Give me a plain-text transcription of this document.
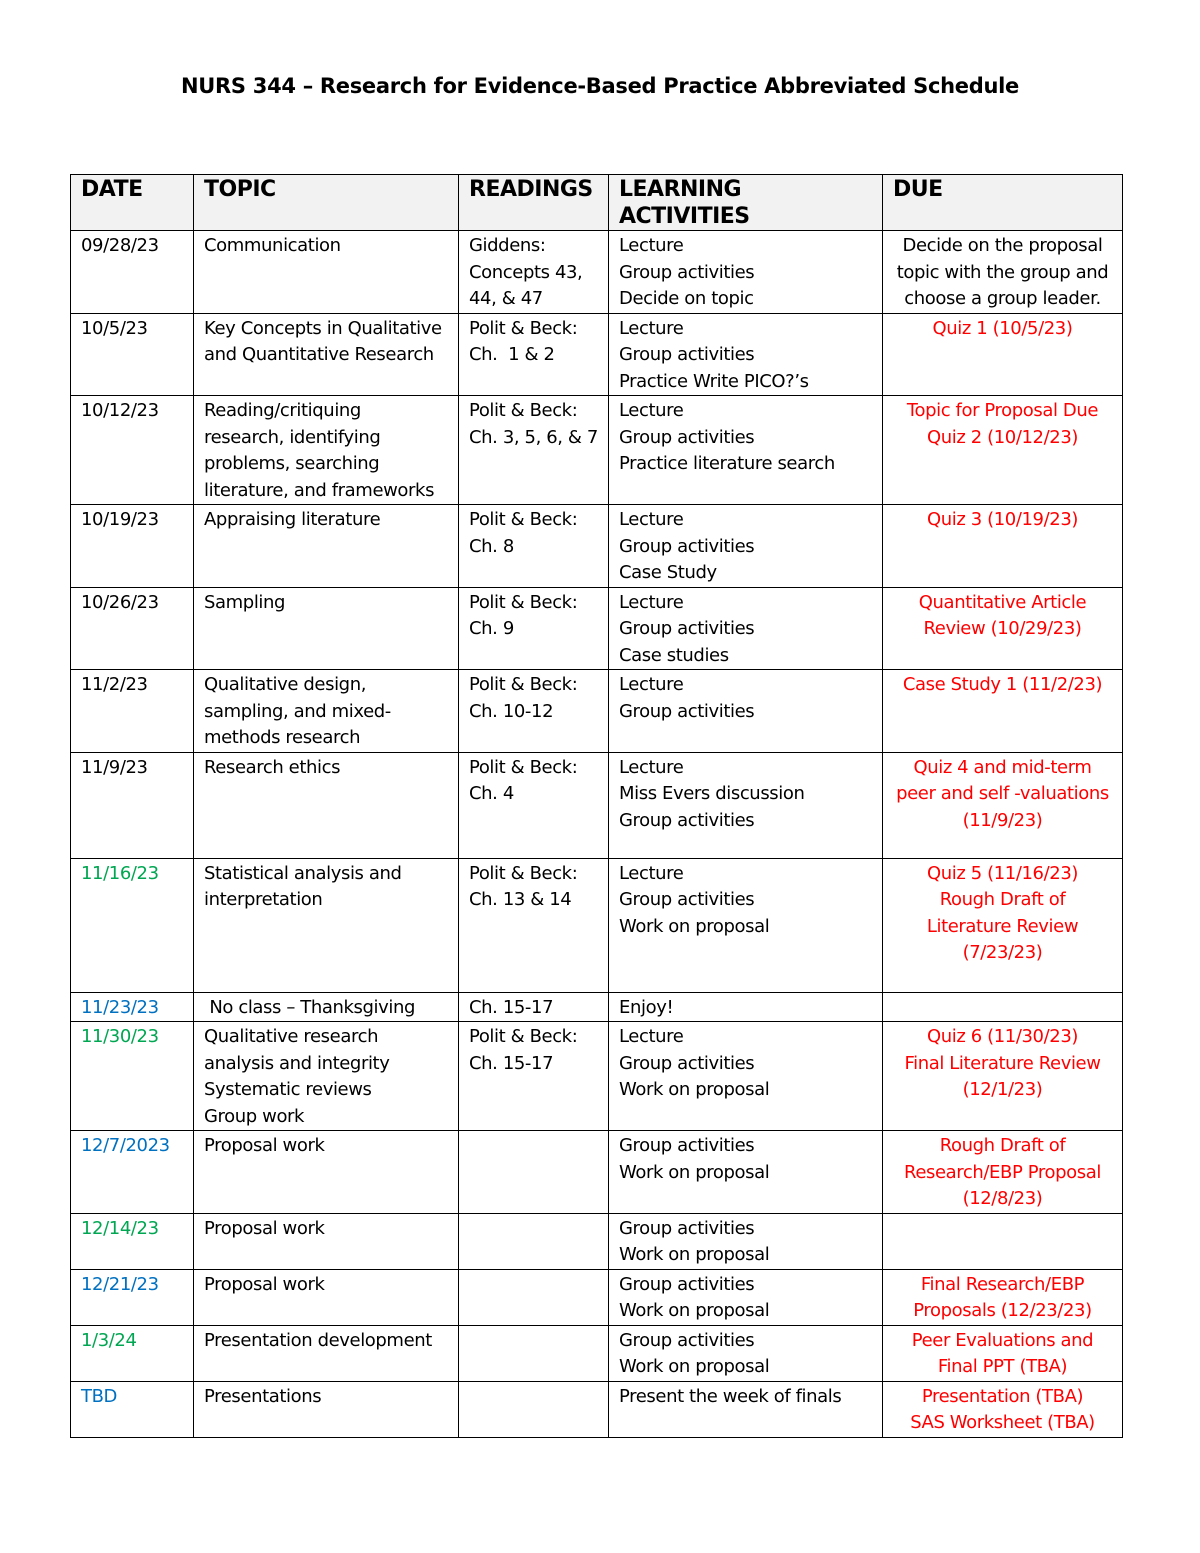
NURS 344 – Research for Evidence-Based Practice Abbreviated Schedule
DATE	TOPIC	READINGS	LEARNING ACTIVITIES	DUE
09/28/23	Communication	Giddens:
Concepts 43,
44, & 47	Lecture
Group activities
Decide on topic	Decide on the proposal
topic with the group and
choose a group leader.

10/5/23	Key Concepts in Qualitative
and Quantitative Research	Polit & Beck:
Ch.  1 & 2	Lecture
Group activities
Practice Write PICO?’s	Quiz 1 (10/5/23)

10/12/23	Reading/critiquing
research, identifying
problems, searching
literature, and frameworks	Polit & Beck:
Ch. 3, 5, 6, & 7	Lecture
Group activities
Practice literature search	Topic for Proposal Due
Quiz 2 (10/12/23)

10/19/23	Appraising literature	Polit & Beck:
Ch. 8	Lecture
Group activities
Case Study	Quiz 3 (10/19/23)

10/26/23	Sampling	Polit & Beck:
Ch. 9	Lecture
Group activities
Case studies	Quantitative Article
Review (10/29/23)

11/2/23	Qualitative design,
sampling, and mixed-
methods research	Polit & Beck:
Ch. 10-12	Lecture
Group activities	Case Study 1 (11/2/23)

11/9/23	Research ethics	Polit & Beck:
Ch. 4	Lecture
Miss Evers discussion
Group activities	Quiz 4 and mid-term
peer and self -valuations
(11/9/23)

11/16/23	Statistical analysis and
interpretation	Polit & Beck:
Ch. 13 & 14	Lecture
Group activities
Work on proposal	Quiz 5 (11/16/23)
Rough Draft of
Literature Review
(7/23/23)

11/23/23	No class – Thanksgiving	Ch. 15-17	Enjoy!	

11/30/23	Qualitative research
analysis and integrity
Systematic reviews
Group work	Polit & Beck:
Ch. 15-17	Lecture
Group activities
Work on proposal	Quiz 6 (11/30/23)
Final Literature Review
(12/1/23)

12/7/2023	Proposal work		Group activities
Work on proposal	Rough Draft of
Research/EBP Proposal
(12/8/23)

12/14/23	Proposal work		Group activities
Work on proposal	

12/21/23	Proposal work		Group activities
Work on proposal	Final Research/EBP
Proposals (12/23/23)

1/3/24	Presentation development		Group activities
Work on proposal	Peer Evaluations and
Final PPT (TBA)

TBD	Presentations		Present the week of finals	Presentation (TBA)
SAS Worksheet (TBA)
